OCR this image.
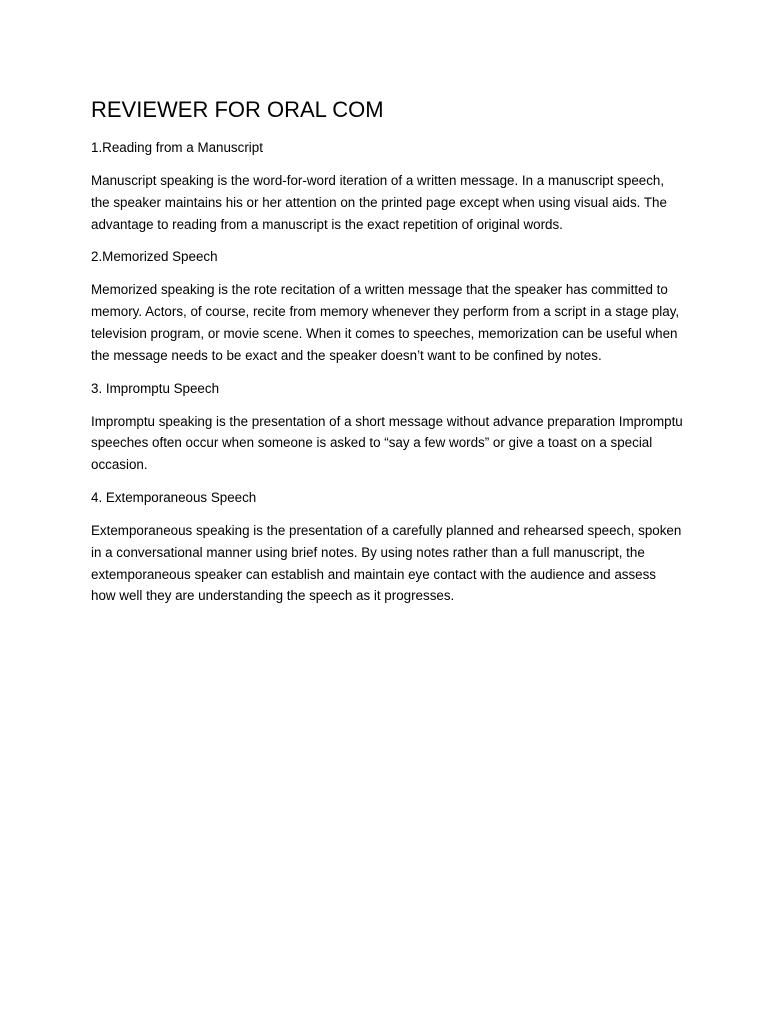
REVIEWER FOR ORAL COM

1.Reading from a Manuscript

Manuscript speaking is the word-for-word iteration of a written message. In a manuscript speech, the speaker maintains his or her attention on the printed page except when using visual aids. The advantage to reading from a manuscript is the exact repetition of original words.

2.Memorized Speech

Memorized speaking is the rote recitation of a written message that the speaker has committed to memory. Actors, of course, recite from memory whenever they perform from a script in a stage play, television program, or movie scene. When it comes to speeches, memorization can be useful when the message needs to be exact and the speaker doesn’t want to be confined by notes.

3. Impromptu Speech

Impromptu speaking is the presentation of a short message without advance preparation Impromptu speeches often occur when someone is asked to “say a few words” or give a toast on a special occasion.

4. Extemporaneous Speech

Extemporaneous speaking is the presentation of a carefully planned and rehearsed speech, spoken in a conversational manner using brief notes. By using notes rather than a full manuscript, the extemporaneous speaker can establish and maintain eye contact with the audience and assess how well they are understanding the speech as it progresses.
